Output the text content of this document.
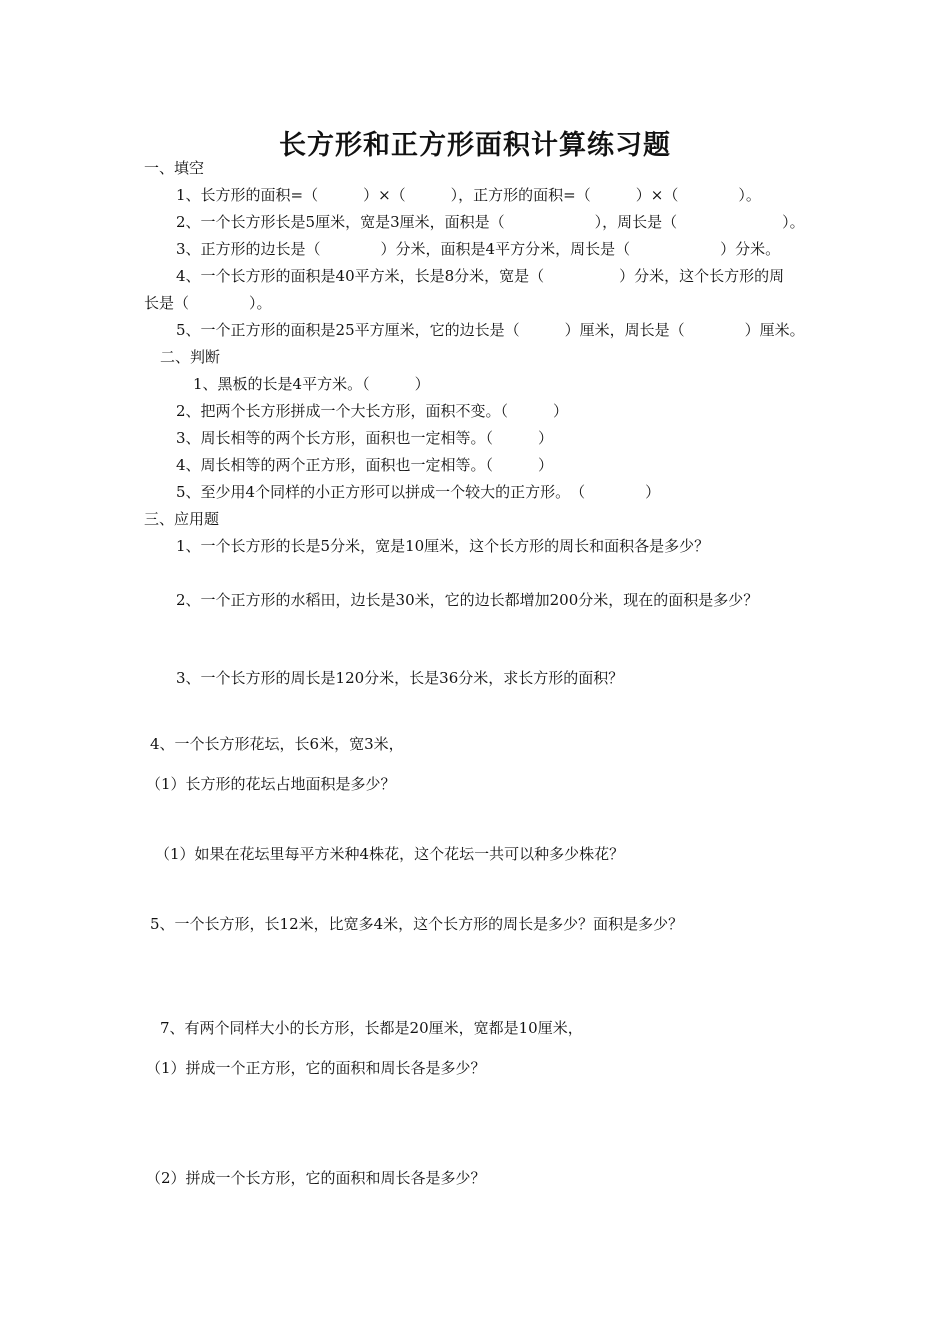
长方形和正方形面积计算练习题
一、填空
1、长方形的面积=（　　　）×（　　　），正方形的面积=（　　　）×（　　　　）。
2、一个长方形长是5厘米，宽是3厘米，面积是（　　　　　　），周长是（　　　　　　　）。
3、正方形的边长是（　　　　）分米，面积是4平方分米，周长是（　　　　　　）分米。
4、一个长方形的面积是40平方米，长是8分米，宽是（　　　　　）分米，这个长方形的周
长是（　　　　）。
5、一个正方形的面积是25平方厘米，它的边长是（　　　）厘米，周长是（　　　　）厘米。
二、判断
1、黑板的长是4平方米。（　　　）
2、把两个长方形拼成一个大长方形，面积不变。（　　　）
3、周长相等的两个长方形，面积也一定相等。（　　　）
4、周长相等的两个正方形，面积也一定相等。（　　　）
5、至少用4个同样的小正方形可以拼成一个较大的正方形。　（　　　　）
三、应用题
1、一个长方形的长是5分米，宽是10厘米，这个长方形的周长和面积各是多少？
2、一个正方形的水稻田，边长是30米，它的边长都增加200分米，现在的面积是多少？
3、一个长方形的周长是120分米，长是36分米，求长方形的面积？
4、一个长方形花坛，长6米，宽3米，
（1）长方形的花坛占地面积是多少？
（1）如果在花坛里每平方米种4株花，这个花坛一共可以种多少株花？
5、一个长方形，长12米，比宽多4米，这个长方形的周长是多少？面积是多少？
7、有两个同样大小的长方形，长都是20厘米，宽都是10厘米，
（1）拼成一个正方形，它的面积和周长各是多少？
（2）拼成一个长方形，它的面积和周长各是多少？
